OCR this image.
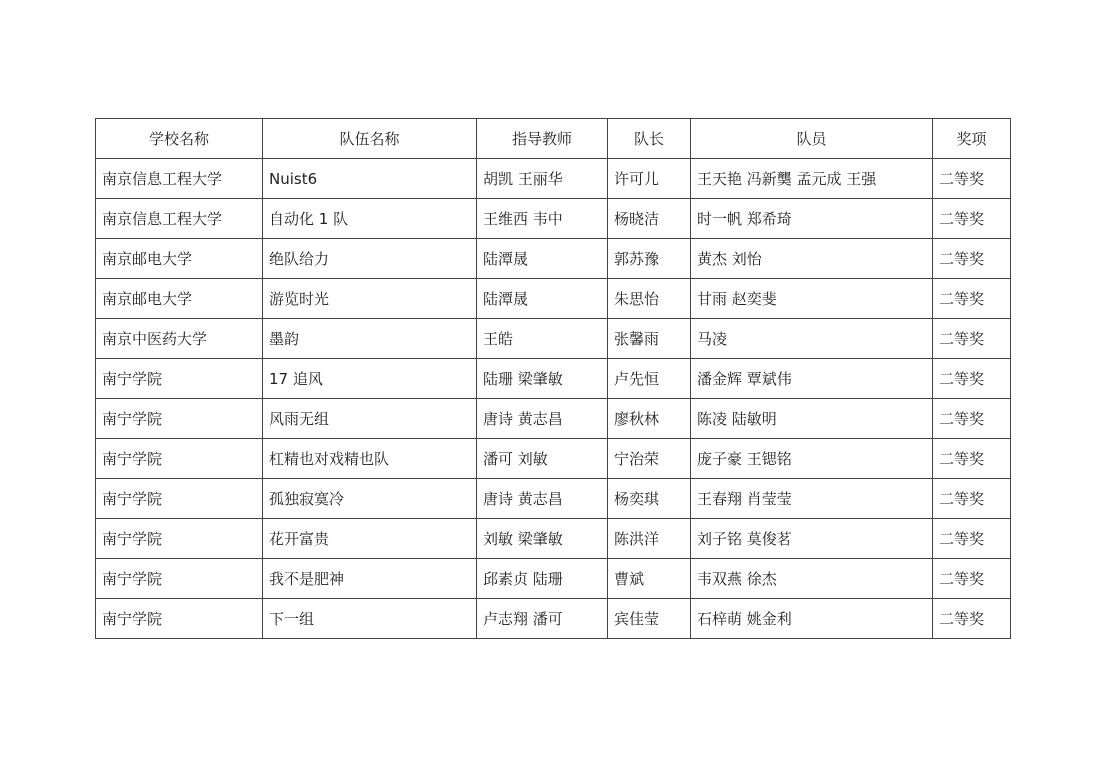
学校名称	队伍名称	指导教师	队长	队员	奖项
南京信息工程大学	Nuist6	胡凯 王丽华	许可儿	王天艳 冯新龑 孟元成 王强	二等奖
南京信息工程大学	自动化 1 队	王维西 韦中	杨晓洁	时一帆 郑希琦	二等奖
南京邮电大学	绝队给力	陆潭晟	郭苏豫	黄杰 刘怡	二等奖
南京邮电大学	游览时光	陆潭晟	朱思怡	甘雨 赵奕斐	二等奖
南京中医药大学	墨韵	王皓	张馨雨	马凌	二等奖
南宁学院	17 追风	陆珊 梁肇敏	卢先恒	潘金辉 覃斌伟	二等奖
南宁学院	风雨无组	唐诗 黄志昌	廖秋林	陈凌 陆敏明	二等奖
南宁学院	杠精也对戏精也队	潘可 刘敏	宁治荣	庞子豪 王锶铭	二等奖
南宁学院	孤独寂寞冷	唐诗 黄志昌	杨奕琪	王春翔 肖莹莹	二等奖
南宁学院	花开富贵	刘敏 梁肇敏	陈洪洋	刘子铭 莫俊茗	二等奖
南宁学院	我不是肥神	邱素贞 陆珊	曹斌	韦双燕 徐杰	二等奖
南宁学院	下一组	卢志翔 潘可	宾佳莹	石梓萌 姚金利	二等奖
